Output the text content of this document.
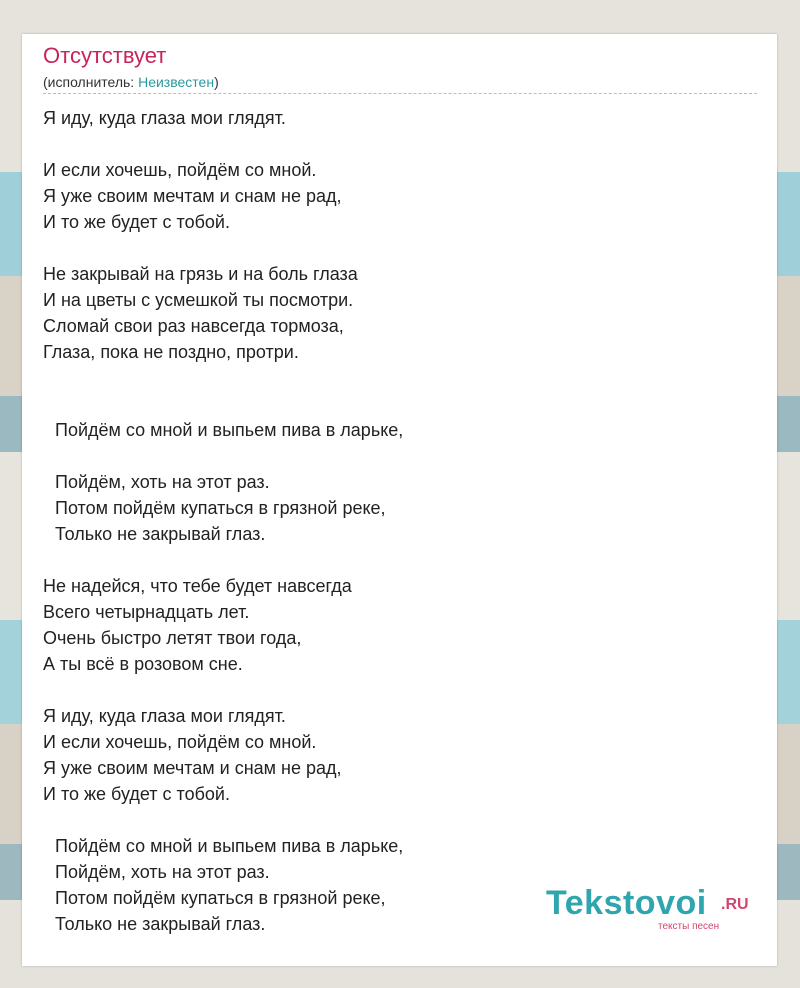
Отсутствует
(исполнитель: Неизвестен)
Я иду, куда глаза мои глядят.
И если хочешь, пойдём со мной.
Я уже своим мечтам и снам не рад,
И то же будет с тобой.
Не закрывай на грязь и на боль глаза
И на цветы с усмешкой ты посмотри.
Сломай свои раз навсегда тормоза,
Глаза, пока не поздно, протри.
Пойдём со мной и выпьем пива в ларьке,
Пойдём, хоть на этот раз.
Потом пойдём купаться в грязной реке,
Только не закрывай глаз.
Не надейся, что тебе будет навсегда
Всего четырнадцать лет.
Очень быстро летят твои года,
А ты всё в розовом сне.
Я иду, куда глаза мои глядят.
И если хочешь, пойдём со мной.
Я уже своим мечтам и снам не рад,
И то же будет с тобой.
Пойдём со мной и выпьем пива в ларьке,
Пойдём, хоть на этот раз.
Потом пойдём купаться в грязной реке,
Только не закрывай глаз.
Tekstovoi .RU
тексты песен
